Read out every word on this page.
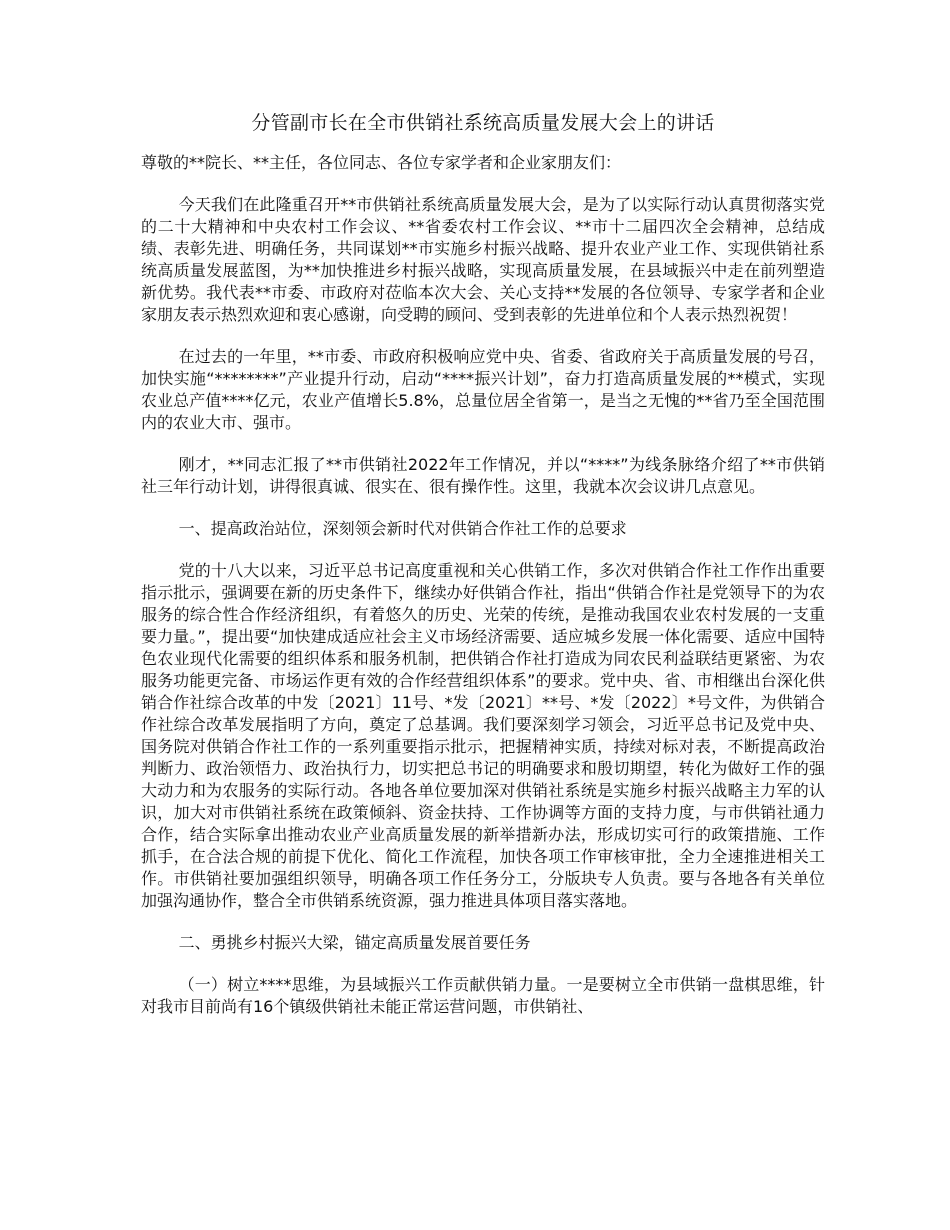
分管副市长在全市供销社系统高质量发展大会上的讲话
尊敬的**院长、**主任，各位同志、各位专家学者和企业家朋友们：
今天我们在此隆重召开**市供销社系统高质量发展大会，是为了以实际行动认真贯彻落实党的二十大精神和中央农村工作会议、**省委农村工作会议、**市十二届四次全会精神，总结成绩、表彰先进、明确任务，共同谋划**市实施乡村振兴战略、提升农业产业工作、实现供销社系统高质量发展蓝图，为**加快推进乡村振兴战略，实现高质量发展，在县域振兴中走在前列塑造新优势。我代表**市委、市政府对莅临本次大会、关心支持**发展的各位领导、专家学者和企业家朋友表示热烈欢迎和衷心感谢，向受聘的顾问、受到表彰的先进单位和个人表示热烈祝贺！
在过去的一年里，**市委、市政府积极响应党中央、省委、省政府关于高质量发展的号召，加快实施“********”产业提升行动，启动“****振兴计划”，奋力打造高质量发展的**模式，实现农业总产值****亿元，农业产值增长5.8%，总量位居全省第一，是当之无愧的**省乃至全国范围内的农业大市、强市。
刚才，**同志汇报了**市供销社2022年工作情况，并以“****”为线条脉络介绍了**市供销社三年行动计划，讲得很真诚、很实在、很有操作性。这里，我就本次会议讲几点意见。
一、提高政治站位，深刻领会新时代对供销合作社工作的总要求
党的十八大以来，习近平总书记高度重视和关心供销工作，多次对供销合作社工作作出重要指示批示，强调要在新的历史条件下，继续办好供销合作社，指出“供销合作社是党领导下的为农服务的综合性合作经济组织，有着悠久的历史、光荣的传统，是推动我国农业农村发展的一支重要力量。”，提出要“加快建成适应社会主义市场经济需要、适应城乡发展一体化需要、适应中国特色农业现代化需要的组织体系和服务机制，把供销合作社打造成为同农民利益联结更紧密、为农服务功能更完备、市场运作更有效的合作经营组织体系”的要求。党中央、省、市相继出台深化供销合作社综合改革的中发〔2021〕11号、*发〔2021〕**号、*发〔2022〕*号文件，为供销合作社综合改革发展指明了方向，奠定了总基调。我们要深刻学习领会，习近平总书记及党中央、国务院对供销合作社工作的一系列重要指示批示，把握精神实质，持续对标对表，不断提高政治判断力、政治领悟力、政治执行力，切实把总书记的明确要求和殷切期望，转化为做好工作的强大动力和为农服务的实际行动。各地各单位要加深对供销社系统是实施乡村振兴战略主力军的认识，加大对市供销社系统在政策倾斜、资金扶持、工作协调等方面的支持力度，与市供销社通力合作，结合实际拿出推动农业产业高质量发展的新举措新办法，形成切实可行的政策措施、工作抓手，在合法合规的前提下优化、简化工作流程，加快各项工作审核审批，全力全速推进相关工作。市供销社要加强组织领导，明确各项工作任务分工，分版块专人负责。要与各地各有关单位加强沟通协作，整合全市供销系统资源，强力推进具体项目落实落地。
二、勇挑乡村振兴大梁，锚定高质量发展首要任务
（一）树立****思维，为县域振兴工作贡献供销力量。一是要树立全市供销一盘棋思维，针对我市目前尚有16个镇级供销社未能正常运营问题，市供销社、
